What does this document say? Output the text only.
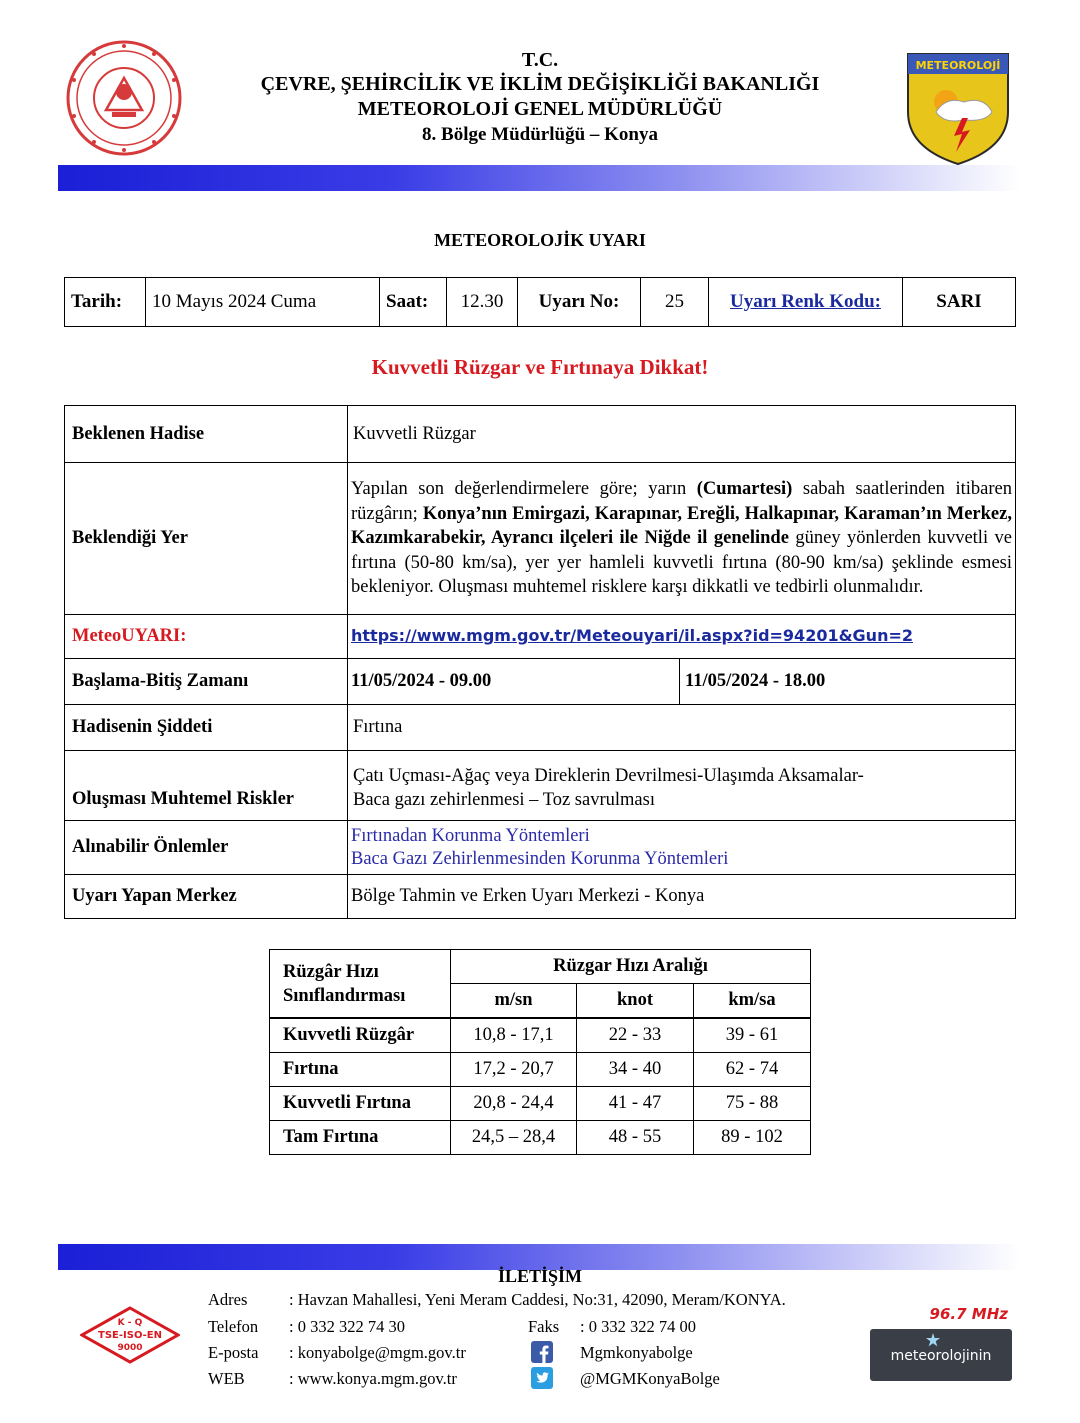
T.C.
ÇEVRE, ŞEHİRCİLİK VE İKLİM DEĞİŞİKLİĞİ BAKANLIĞI
METEOROLOJİ GENEL MÜDÜRLÜĞÜ
8. Bölge Müdürlüğü – Konya
METEOROLOJİ
METEOROLOJİK UYARI
Tarih:	10 Mayıs 2024 Cuma	Saat:	12.30	Uyarı No:	25	Uyarı Renk Kodu:	SARI
Kuvvetli Rüzgar ve Fırtınaya Dikkat!
Beklenen Hadise	Kuvvetli Rüzgar	
Beklendiği Yer	Yapılan son değerlendirmelere göre; yarın (Cumartesi) sabah saatlerinden itibaren rüzgârın; Konya’nın Emirgazi, Karapınar, Ereğli, Halkapınar, Karaman’ın Merkez, Kazımkarabekir, Ayrancı ilçeleri ile Niğde il genelinde güney yönlerden kuvvetli ve fırtına (50-80 km/sa), yer yer hamleli kuvvetli fırtına (80-90 km/sa) şeklinde esmesi bekleniyor. Oluşması muhtemel risklere karşı dikkatli ve tedbirli olunmalıdır.	
MeteoUYARI:	https://www.mgm.gov.tr/Meteouyari/il.aspx?id=94201&Gun=2	
Başlama-Bitiş Zamanı	11/05/2024 - 09.00	11/05/2024 - 18.00
Hadisenin Şiddeti	Fırtına	
Oluşması Muhtemel Riskler	Çatı Uçması-Ağaç veya Direklerin Devrilmesi-Ulaşımda Aksamalar-
Baca gazı zehirlenmesi – Toz savrulması	

Alınabilir Önlemler	Fırtınadan Korunma Yöntemleri
Baca Gazı Zehirlenmesinden Korunma Yöntemleri	

Uyarı Yapan Merkez	Bölge Tahmin ve Erken Uyarı Merkezi - Konya	
Rüzgâr Hızı
Sınıflandırması	Rüzgar Hızı Aralığı		
	m/sn	knot	km/sa
Kuvvetli Rüzgâr	10,8 - 17,1	22 - 33	39 - 61
Fırtına	17,2 - 20,7	34 - 40	62 - 74
Kuvvetli Fırtına	20,8 - 24,4	41 - 47	75 - 88
Tam Fırtına	24,5 – 28,4	48 - 55	89 - 102
İLETİŞİM
Adres	: Havzan Mahallesi, Yeni Meram Caddesi, No:31, 42090, Meram/KONYA.
Telefon : 0 332 322 74 30	Faks : 0 332 322 74 00
E-posta : konyabolge@mgm.gov.tr	Mgmkonyabolge
WEB	: www.konya.mgm.gov.tr	@MGMKonyaBolge
K - Q
TSE-ISO-EN
9000
96.7 MHz
meteorolojinin
